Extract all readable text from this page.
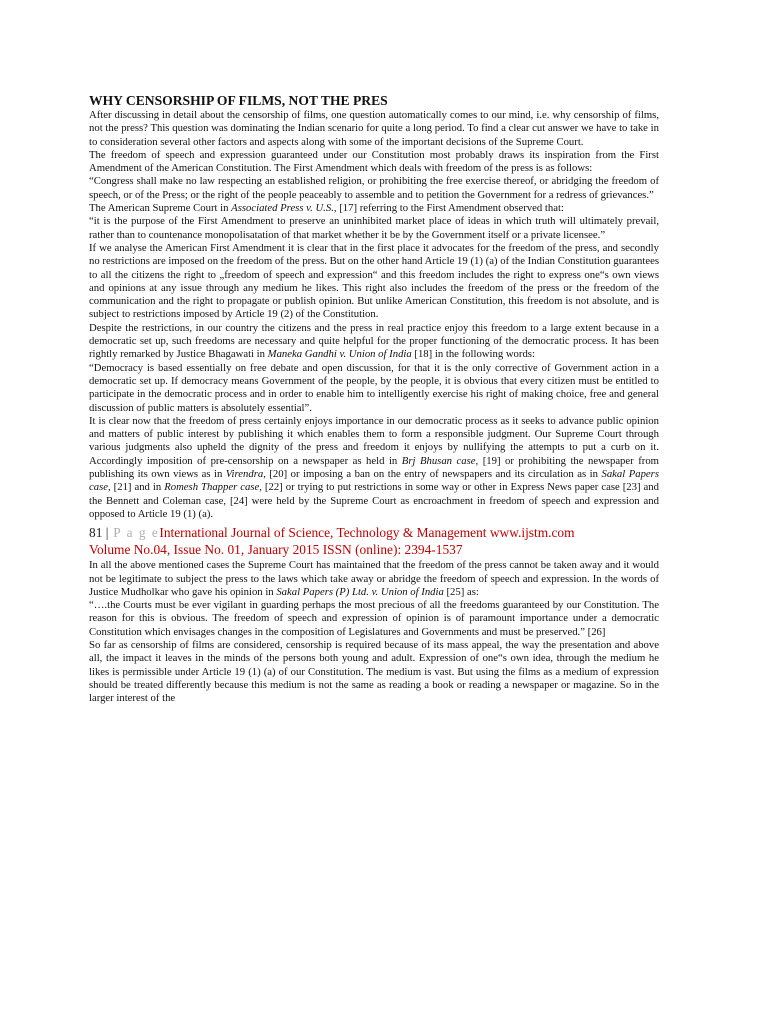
WHY CENSORSHIP OF FILMS, NOT THE PRES

After discussing in detail about the censorship of films, one question automatically comes to our mind, i.e. why censorship of films, not the press? This question was dominating the Indian scenario for quite a long period. To find a clear cut answer we have to take in to consideration several other factors and aspects along with some of the important decisions of the Supreme Court.

The freedom of speech and expression guaranteed under our Constitution most probably draws its inspiration from the First Amendment of the American Constitution. The First Amendment which deals with freedom of the press is as follows:

“Congress shall make no law respecting an established religion, or prohibiting the free exercise thereof, or abridging the freedom of speech, or of the Press; or the right of the people peaceably to assemble and to petition the Government for a redress of grievances.”

The American Supreme Court in Associated Press v. U.S., [17] referring to the First Amendment observed that:

“it is the purpose of the First Amendment to preserve an uninhibited market place of ideas in which truth will ultimately prevail, rather than to countenance monopolisatation of that market whether it be by the Government itself or a private licensee.”

If we analyse the American First Amendment it is clear that in the first place it advocates for the freedom of the press, and secondly no restrictions are imposed on the freedom of the press. But on the other hand Article 19 (1) (a) of the Indian Constitution guarantees to all the citizens the right to „freedom of speech and expression“ and this freedom includes the right to express one“s own views and opinions at any issue through any medium he likes. This right also includes the freedom of the press or the freedom of the communication and the right to propagate or publish opinion. But unlike American Constitution, this freedom is not absolute, and is subject to restrictions imposed by Article 19 (2) of the Constitution.

Despite the restrictions, in our country the citizens and the press in real practice enjoy this freedom to a large extent because in a democratic set up, such freedoms are necessary and quite helpful for the proper functioning of the democratic process. It has been rightly remarked by Justice Bhagawati in Maneka Gandhi v. Union of India [18] in the following words:

“Democracy is based essentially on free debate and open discussion, for that it is the only corrective of Government action in a democratic set up. If democracy means Government of the people, by the people, it is obvious that every citizen must be entitled to participate in the democratic process and in order to enable him to intelligently exercise his right of making choice, free and general discussion of public matters is absolutely essential”.

It is clear now that the freedom of press certainly enjoys importance in our democratic process as it seeks to advance public opinion and matters of public interest by publishing it which enables them to form a responsible judgment. Our Supreme Court through various judgments also upheld the dignity of the press and freedom it enjoys by nullifying the attempts to put a curb on it. Accordingly imposition of pre-censorship on a newspaper as held in Brj Bhusan case, [19] or prohibiting the newspaper from publishing its own views as in Virendra, [20] or imposing a ban on the entry of newspapers and its circulation as in Sakal Papers case, [21] and in Romesh Thapper case, [22] or trying to put restrictions in some way or other in Express News paper case [23] and the Bennett and Coleman case, [24] were held by the Supreme Court as encroachment in freedom of speech and expression and opposed to Article 19 (1) (a).

81 | P a g eInternational Journal of Science, Technology & Management www.ijstm.com
Volume No.04, Issue No. 01, January 2015 ISSN (online): 2394-1537

In all the above mentioned cases the Supreme Court has maintained that the freedom of the press cannot be taken away and it would not be legitimate to subject the press to the laws which take away or abridge the freedom of speech and expression. In the words of Justice Mudholkar who gave his opinion in Sakal Papers (P) Ltd. v. Union of India [25] as:

“….the Courts must be ever vigilant in guarding perhaps the most precious of all the freedoms guaranteed by our Constitution. The reason for this is obvious. The freedom of speech and expression of opinion is of paramount importance under a democratic Constitution which envisages changes in the composition of Legislatures and Governments and must be preserved.” [26]

So far as censorship of films are considered, censorship is required because of its mass appeal, the way the presentation and above all, the impact it leaves in the minds of the persons both young and adult. Expression of one“s own idea, through the medium he likes is permissible under Article 19 (1) (a) of our Constitution. The medium is vast. But using the films as a medium of expression should be treated differently because this medium is not the same as reading a book or reading a newspaper or magazine. So in the larger interest of the
